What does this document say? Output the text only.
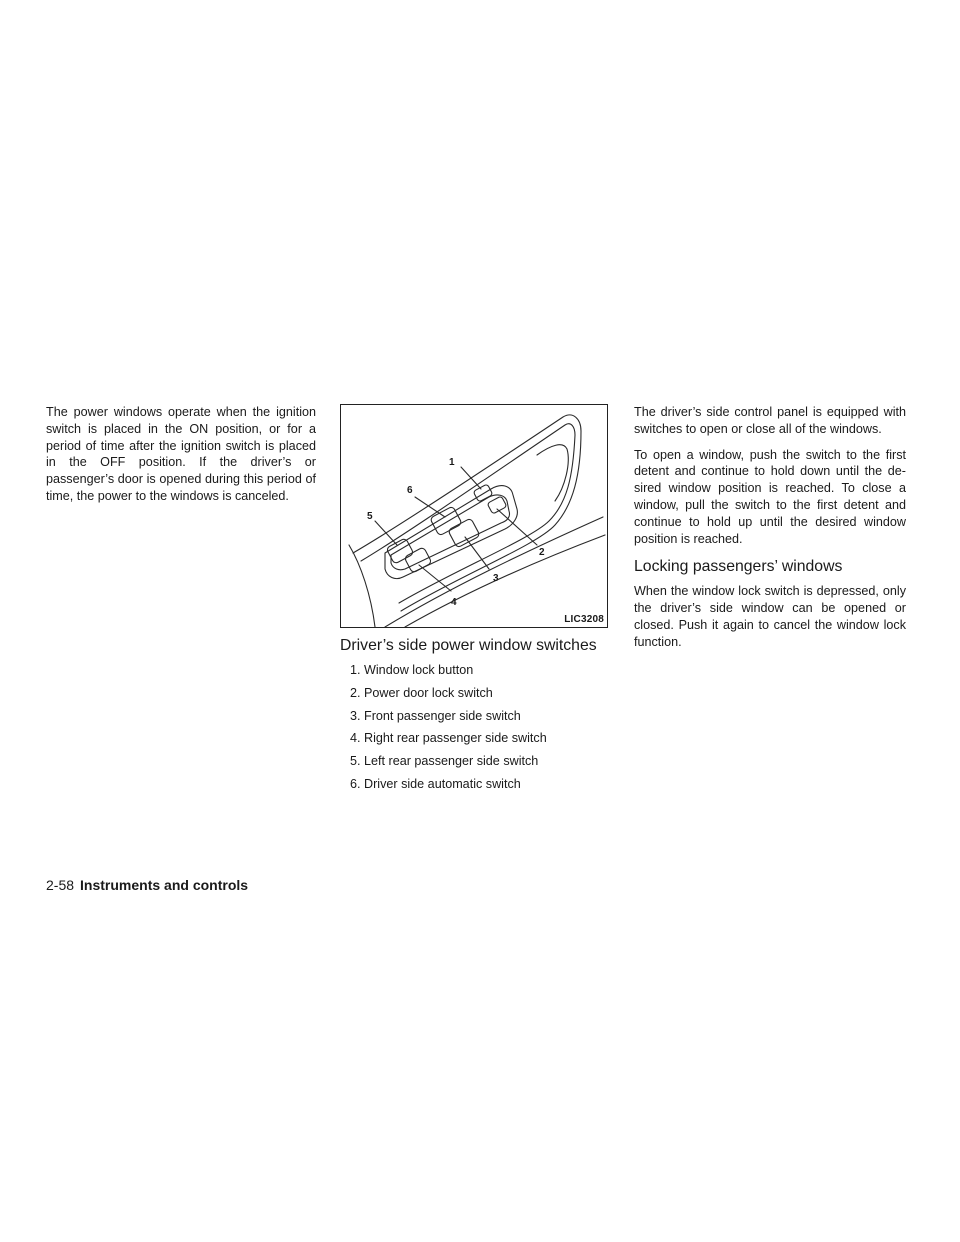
The power windows operate when the ignition switch is placed in the ON position, or for a period of time after the ignition switch is placed in the OFF position. If the driver’s or passenger’s door is opened during this period of time, the power to the windows is canceled.

1
2
3
4
5
6
LIC3208
Driver’s side power window switches
1. Window lock button
2. Power door lock switch
3. Front passenger side switch
4. Right rear passenger side switch
5. Left rear passenger side switch
6. Driver side automatic switch

The driver’s side control panel is equipped with switches to open or close all of the windows.

To open a window, push the switch to the first detent and continue to hold down until the de-sired window position is reached. To close a window, pull the switch to the first detent and continue to hold up until the desired window position is reached.

Locking passengers’ windows

When the window lock switch is depressed, only the driver’s side window can be opened or closed. Push it again to cancel the window lock function.

2-58 Instruments and controls
